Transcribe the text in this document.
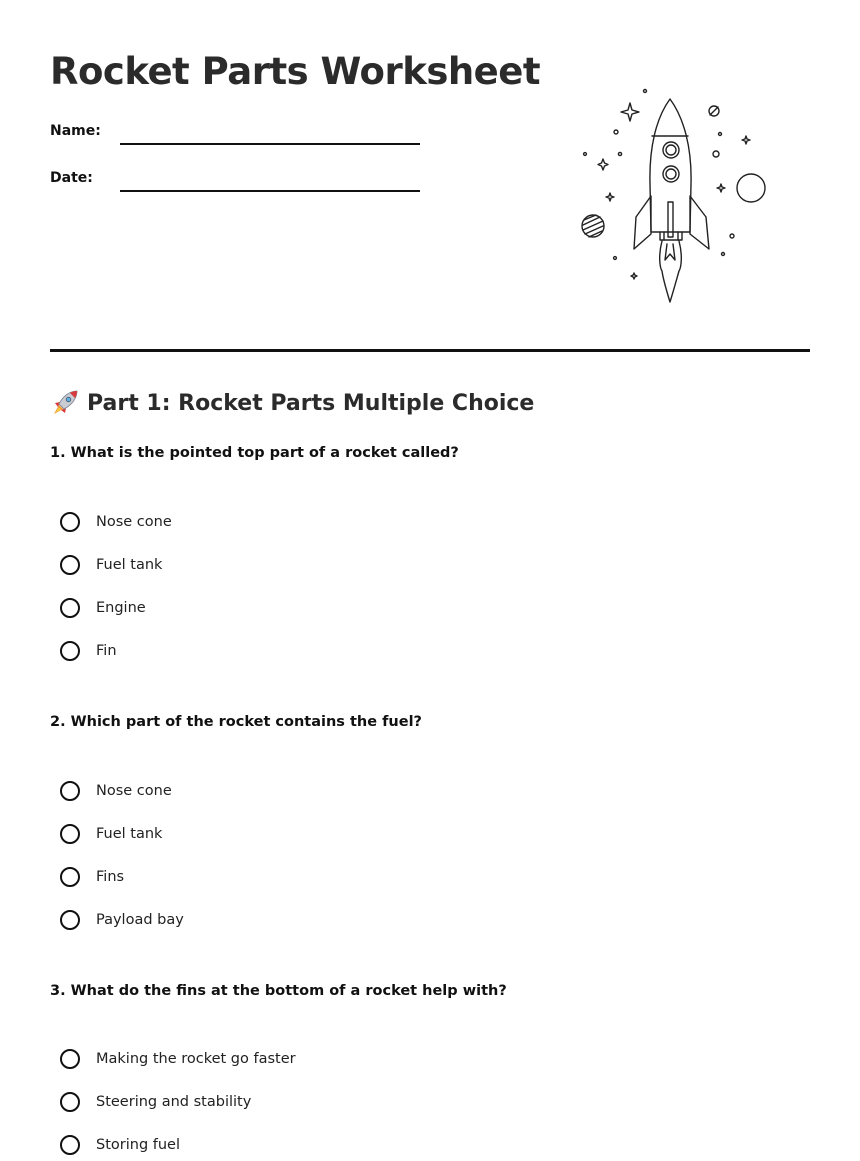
Rocket Parts Worksheet
Name:
Date:
Part 1: Rocket Parts Multiple Choice
1. What is the pointed top part of a rocket called?
Nose cone
Fuel tank
Engine
Fin
2. Which part of the rocket contains the fuel?
Nose cone
Fuel tank
Fins
Payload bay
3. What do the fins at the bottom of a rocket help with?
Making the rocket go faster
Steering and stability
Storing fuel
